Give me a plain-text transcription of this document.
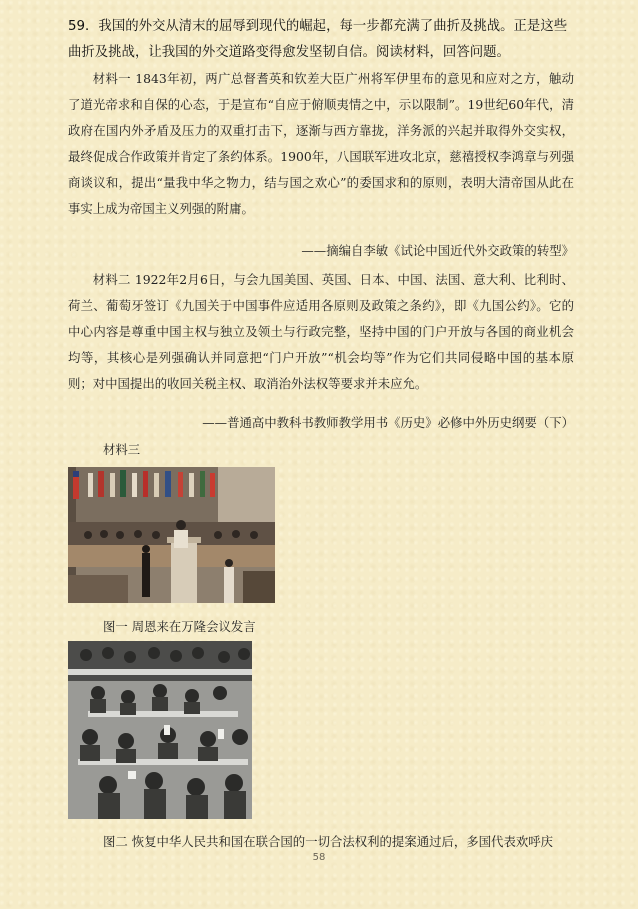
59．我国的外交从清末的屈辱到现代的崛起，每一步都充满了曲折及挑战。正是这些曲折及挑战，让我国的外交道路变得愈发坚韧自信。阅读材料，回答问题。
材料一 1843年初，两广总督耆英和钦差大臣广州将军伊里布的意见和应对之方，触动了道光帝求和自保的心态，于是宣布“自应于俯顺夷情之中，示以限制”。19世纪60年代，清政府在国内外矛盾及压力的双重打击下，逐渐与西方靠拢，洋务派的兴起并取得外交实权，最终促成合作政策并肯定了条约体系。1900年，八国联军进攻北京，慈禧授权李鸿章与列强商谈议和，提出“量我中华之物力，结与国之欢心”的委国求和的原则，表明大清帝国从此在事实上成为帝国主义列强的附庸。
——摘编自李敏《试论中国近代外交政策的转型》
材料二 1922年2月6日，与会九国美国、英国、日本、中国、法国、意大利、比利时、荷兰、葡萄牙签订《九国关于中国事件应适用各原则及政策之条约》，即《九国公约》。它的中心内容是尊重中国主权与独立及领土与行政完整，坚持中国的门户开放与各国的商业机会均等，其核心是列强确认并同意把“门户开放”“机会均等”作为它们共同侵略中国的基本原则；对中国提出的收回关税主权、取消治外法权等要求并未应允。
——普通高中教科书教师教学用书《历史》必修中外历史纲要（下）
材料三
图一 周恩来在万隆会议发言
图二 恢复中华人民共和国在联合国的一切合法权利的提案通过后，多国代表欢呼庆
58
